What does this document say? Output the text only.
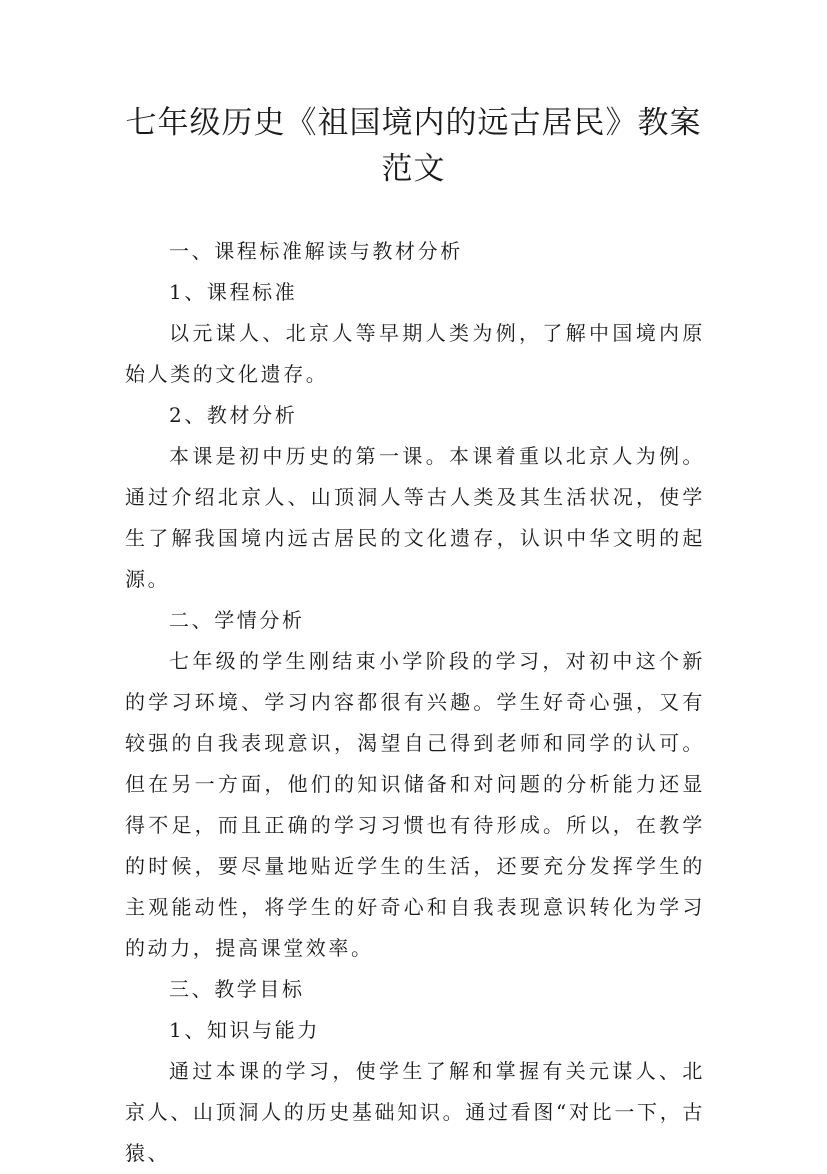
七年级历史《祖国境内的远古居民》教案范文

一、课程标准解读与教材分析

1、课程标准

以元谋人、北京人等早期人类为例，了解中国境内原始人类的文化遗存。

2、教材分析

本课是初中历史的第一课。本课着重以北京人为例。通过介绍北京人、山顶洞人等古人类及其生活状况，使学生了解我国境内远古居民的文化遗存，认识中华文明的起源。

二、学情分析

七年级的学生刚结束小学阶段的学习，对初中这个新的学习环境、学习内容都很有兴趣。学生好奇心强，又有较强的自我表现意识，渴望自己得到老师和同学的认可。但在另一方面，他们的知识储备和对问题的分析能力还显得不足，而且正确的学习习惯也有待形成。所以，在教学的时候，要尽量地贴近学生的生活，还要充分发挥学生的主观能动性，将学生的好奇心和自我表现意识转化为学习的动力，提高课堂效率。

三、教学目标

1、知识与能力

通过本课的学习，使学生了解和掌握有关元谋人、北京人、山顶洞人的历史基础知识。通过看图“对比一下，古猿、
